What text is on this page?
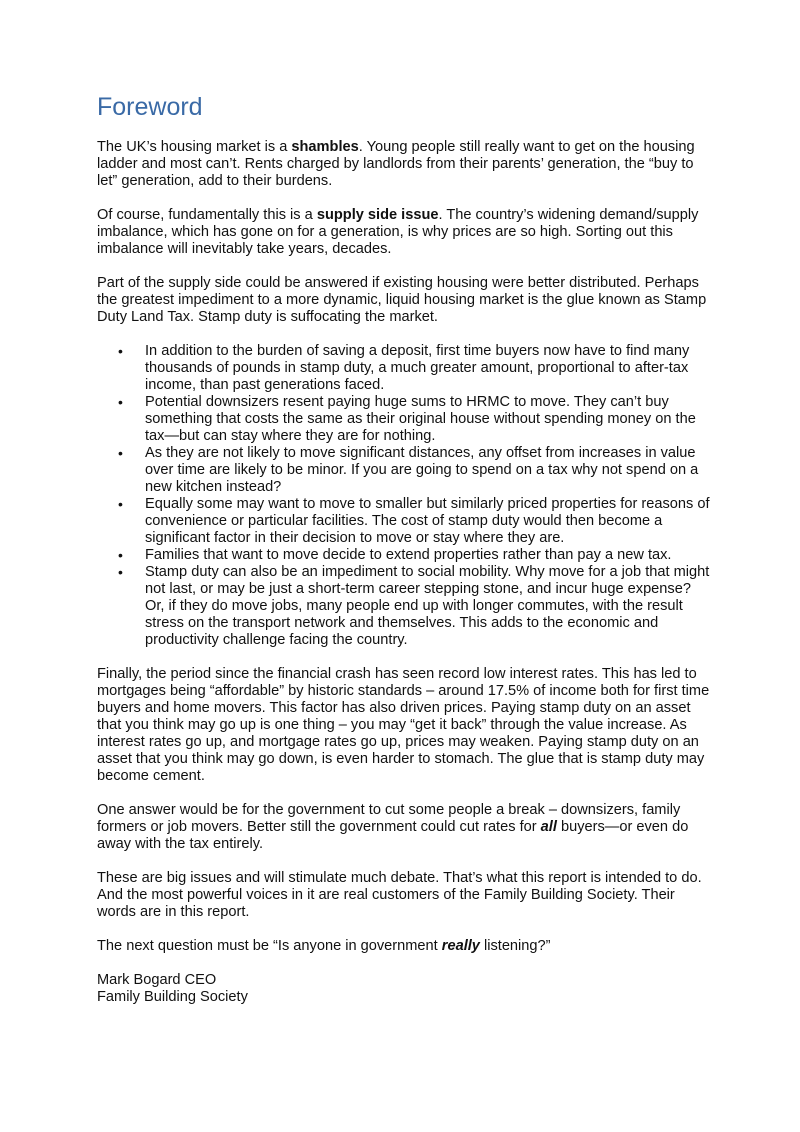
Foreword

The UK’s housing market is a shambles. Young people still really want to get on the housing ladder and most can’t. Rents charged by landlords from their parents’ generation, the “buy to let” generation, add to their burdens.

Of course, fundamentally this is a supply side issue. The country’s widening demand/supply imbalance, which has gone on for a generation, is why prices are so high. Sorting out this imbalance will inevitably take years, decades.

Part of the supply side could be answered if existing housing were better distributed. Perhaps the greatest impediment to a more dynamic, liquid housing market is the glue known as Stamp Duty Land Tax. Stamp duty is suffocating the market.

• In addition to the burden of saving a deposit, first time buyers now have to find many thousands of pounds in stamp duty, a much greater amount, proportional to after-tax income, than past generations faced.
• Potential downsizers resent paying huge sums to HRMC to move. They can’t buy something that costs the same as their original house without spending money on the tax—but can stay where they are for nothing.
• As they are not likely to move significant distances, any offset from increases in value over time are likely to be minor. If you are going to spend on a tax why not spend on a new kitchen instead?
• Equally some may want to move to smaller but similarly priced properties for reasons of convenience or particular facilities. The cost of stamp duty would then become a significant factor in their decision to move or stay where they are.
• Families that want to move decide to extend properties rather than pay a new tax.
• Stamp duty can also be an impediment to social mobility. Why move for a job that might not last, or may be just a short-term career stepping stone, and incur huge expense? Or, if they do move jobs, many people end up with longer commutes, with the result stress on the transport network and themselves. This adds to the economic and productivity challenge facing the country.

Finally, the period since the financial crash has seen record low interest rates. This has led to mortgages being “affordable” by historic standards – around 17.5% of income both for first time buyers and home movers. This factor has also driven prices. Paying stamp duty on an asset that you think may go up is one thing – you may “get it back” through the value increase. As interest rates go up, and mortgage rates go up, prices may weaken. Paying stamp duty on an asset that you think may go down, is even harder to stomach. The glue that is stamp duty may become cement.

One answer would be for the government to cut some people a break – downsizers, family formers or job movers. Better still the government could cut rates for all buyers—or even do away with the tax entirely.

These are big issues and will stimulate much debate. That’s what this report is intended to do. And the most powerful voices in it are real customers of the Family Building Society. Their words are in this report.

The next question must be “Is anyone in government really listening?”

Mark Bogard CEO

Family Building Society
